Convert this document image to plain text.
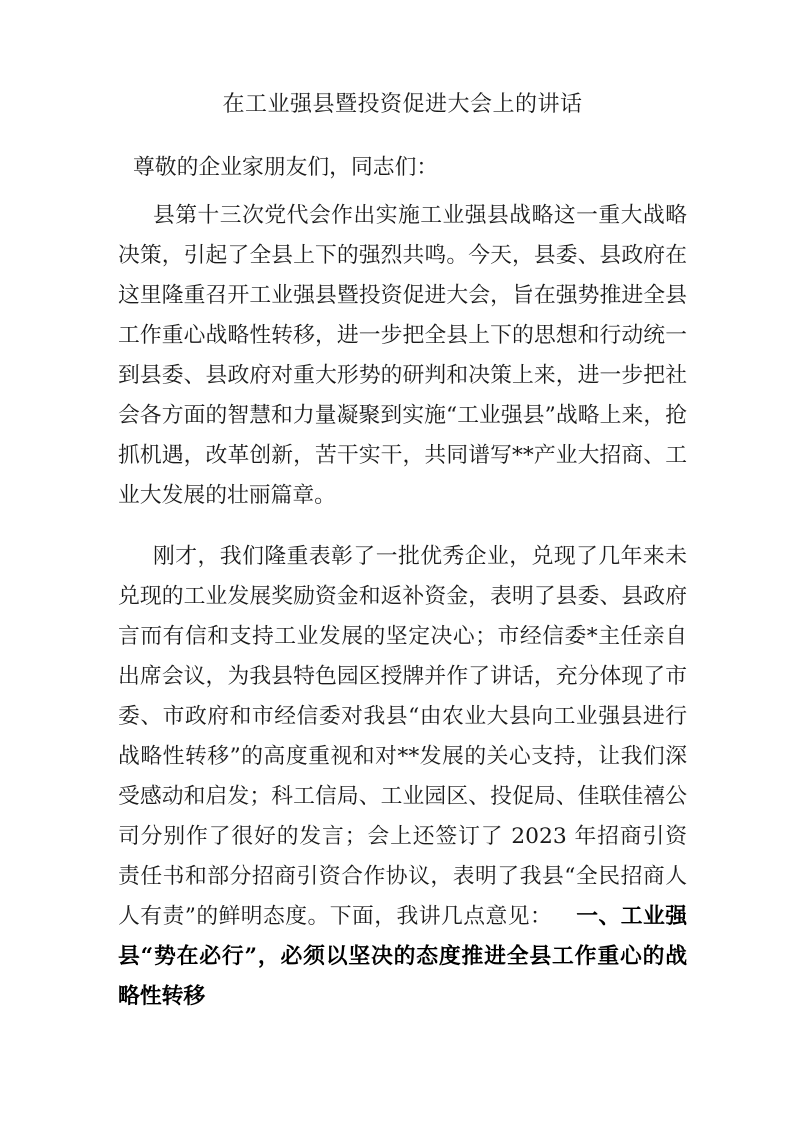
在工业强县暨投资促进大会上的讲话

尊敬的企业家朋友们，同志们：

县第十三次党代会作出实施工业强县战略这一重大战略决策，引起了全县上下的强烈共鸣。今天，县委、县政府在这里隆重召开工业强县暨投资促进大会，旨在强势推进全县工作重心战略性转移，进一步把全县上下的思想和行动统一到县委、县政府对重大形势的研判和决策上来，进一步把社会各方面的智慧和力量凝聚到实施“工业强县”战略上来，抢抓机遇，改革创新，苦干实干，共同谱写**产业大招商、工业大发展的壮丽篇章。

刚才，我们隆重表彰了一批优秀企业，兑现了几年来未兑现的工业发展奖励资金和返补资金，表明了县委、县政府言而有信和支持工业发展的坚定决心；市经信委*主任亲自出席会议，为我县特色园区授牌并作了讲话，充分体现了市委、市政府和市经信委对我县“由农业大县向工业强县进行战略性转移”的高度重视和对**发展的关心支持，让我们深受感动和启发；科工信局、工业园区、投促局、佳联佳禧公司分别作了很好的发言；会上还签订了 2023 年招商引资责任书和部分招商引资合作协议，表明了我县“全民招商人人有责”的鲜明态度。下面，我讲几点意见： 一、工业强县“势在必行”，必须以坚决的态度推进全县工作重心的战略性转移
